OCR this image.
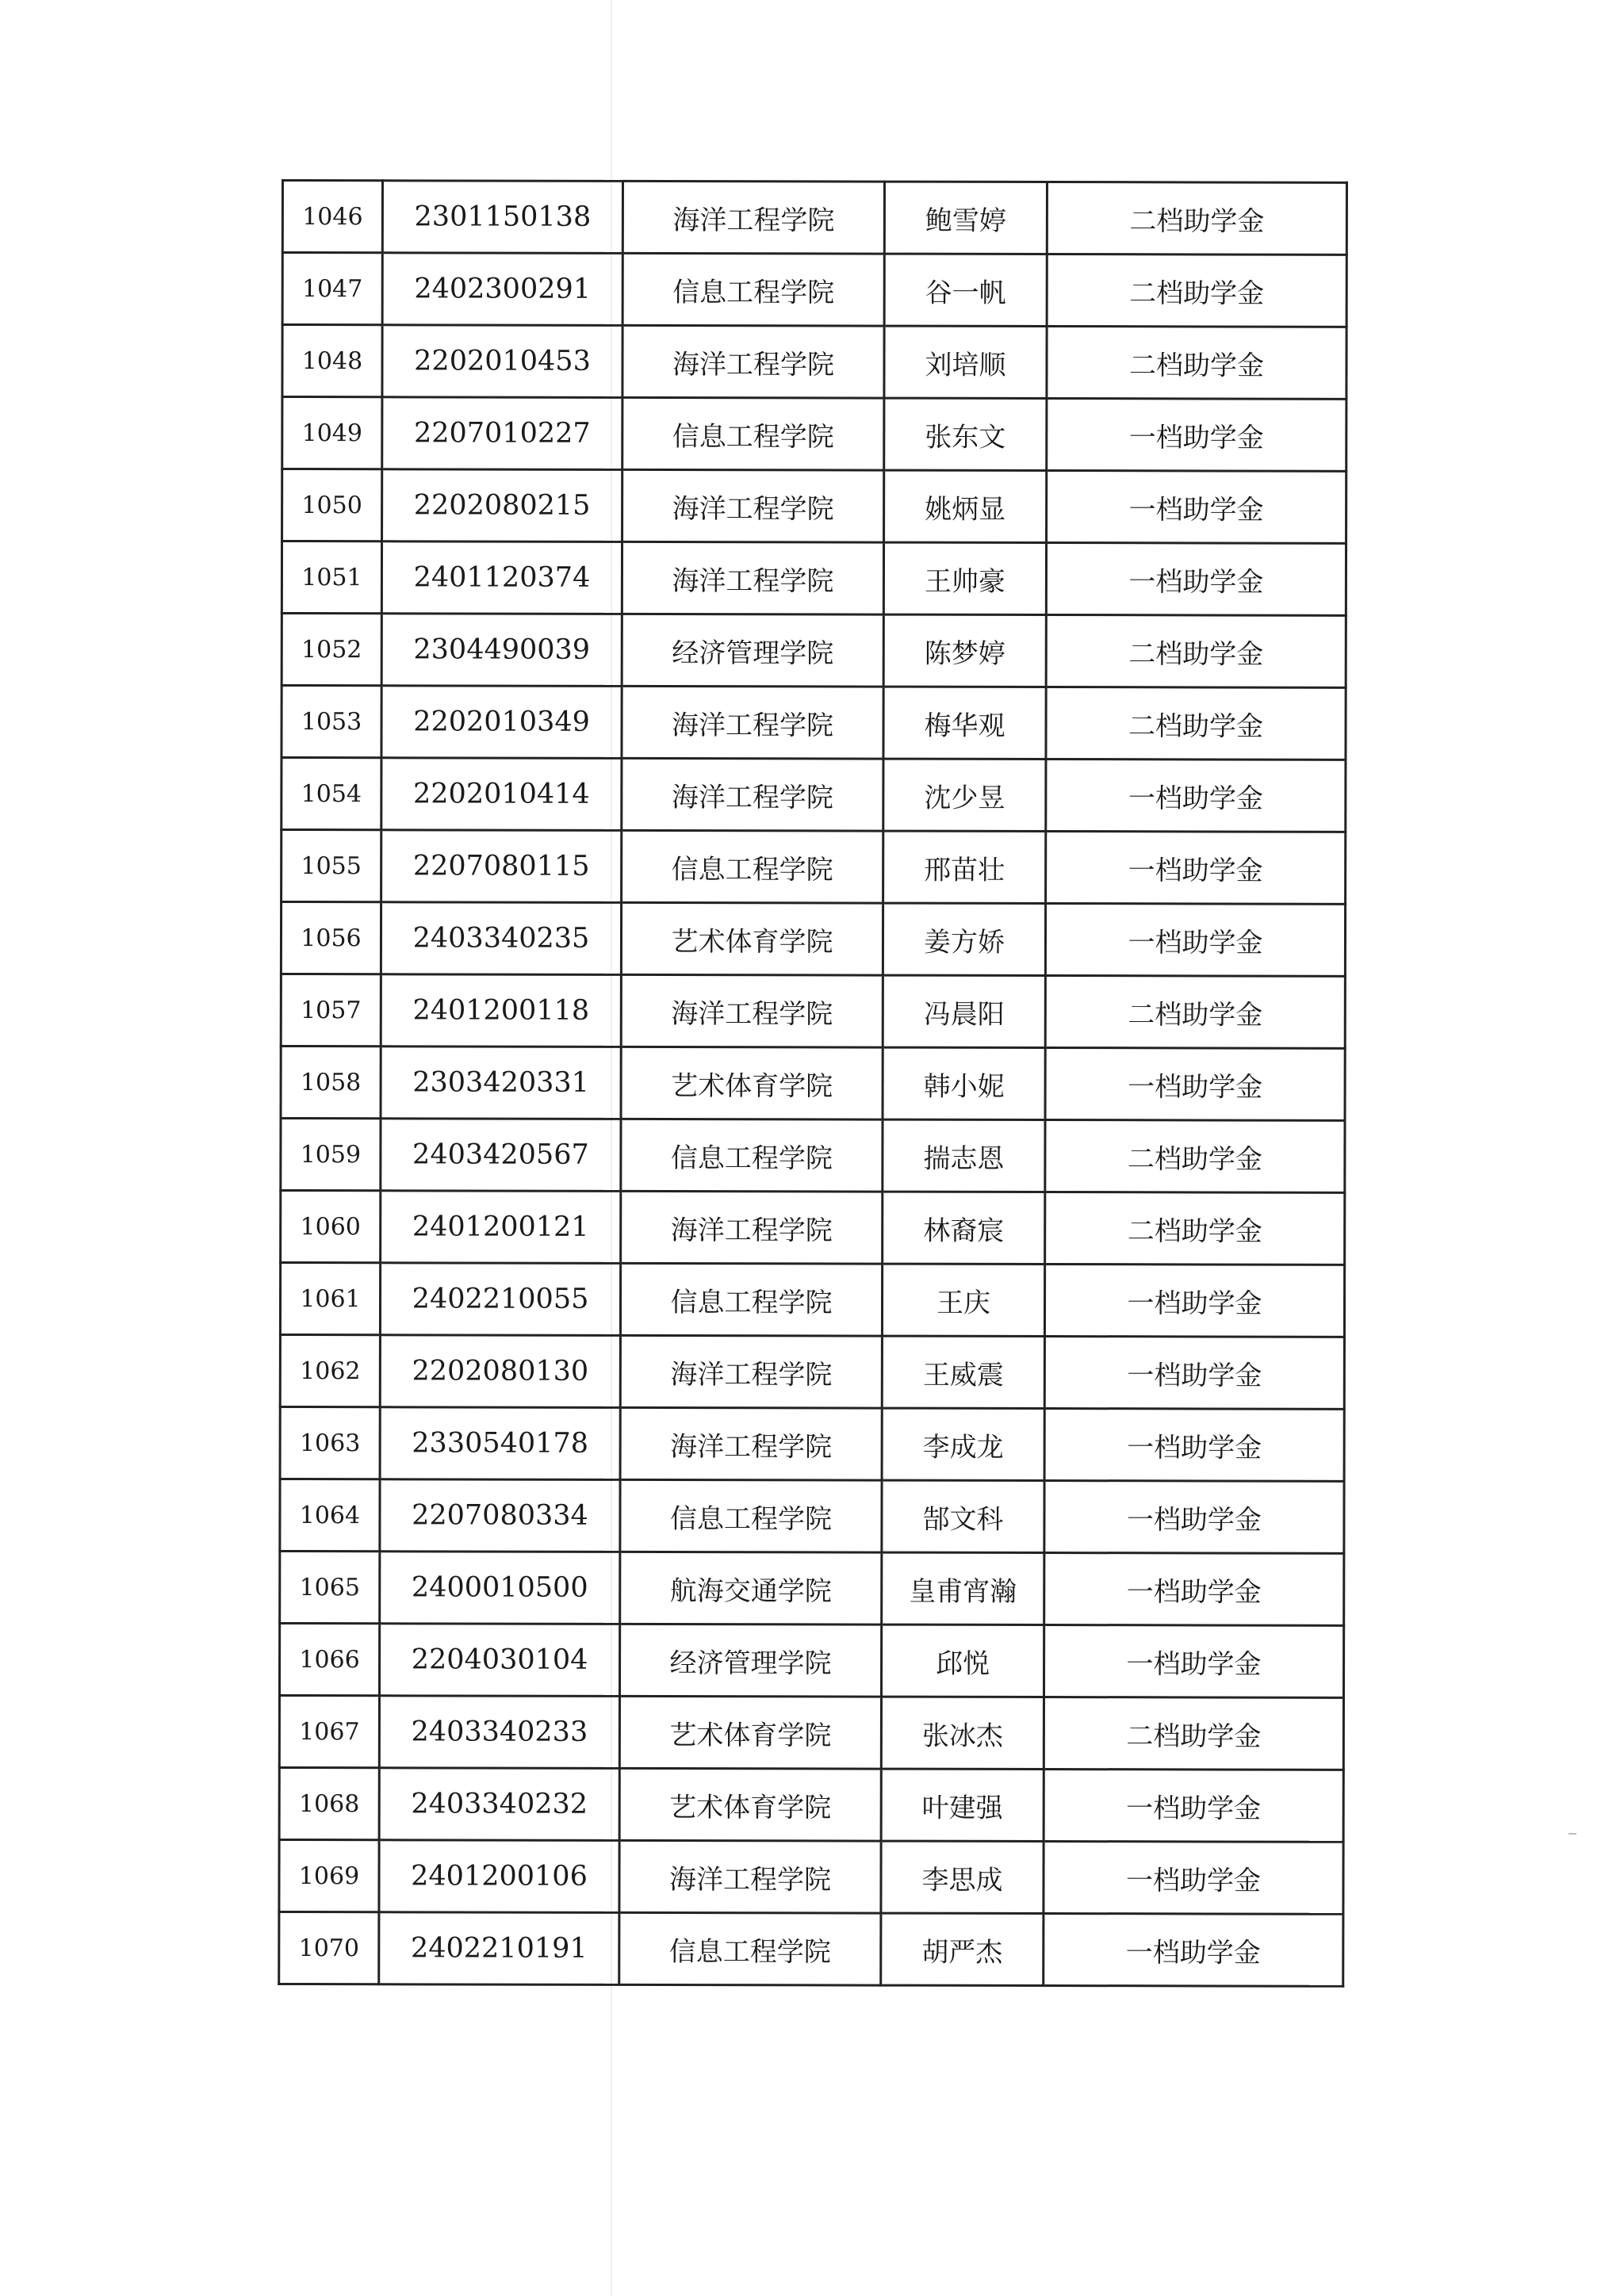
1046	2301150138	海洋工程学院	鲍雪婷	二档助学金
1047	2402300291	信息工程学院	谷一帆	二档助学金
1048	2202010453	海洋工程学院	刘培顺	二档助学金
1049	2207010227	信息工程学院	张东文	一档助学金
1050	2202080215	海洋工程学院	姚炳显	一档助学金
1051	2401120374	海洋工程学院	王帅豪	一档助学金
1052	2304490039	经济管理学院	陈梦婷	二档助学金
1053	2202010349	海洋工程学院	梅华观	二档助学金
1054	2202010414	海洋工程学院	沈少昱	一档助学金
1055	2207080115	信息工程学院	邢苗壮	一档助学金
1056	2403340235	艺术体育学院	姜方娇	一档助学金
1057	2401200118	海洋工程学院	冯晨阳	二档助学金
1058	2303420331	艺术体育学院	韩小妮	一档助学金
1059	2403420567	信息工程学院	揣志恩	二档助学金
1060	2401200121	海洋工程学院	林裔宸	二档助学金
1061	2402210055	信息工程学院	王庆	一档助学金
1062	2202080130	海洋工程学院	王威震	一档助学金
1063	2330540178	海洋工程学院	李成龙	一档助学金
1064	2207080334	信息工程学院	郜文科	一档助学金
1065	2400010500	航海交通学院	皇甫宵瀚	一档助学金
1066	2204030104	经济管理学院	邱悦	一档助学金
1067	2403340233	艺术体育学院	张冰杰	二档助学金
1068	2403340232	艺术体育学院	叶建强	一档助学金
1069	2401200106	海洋工程学院	李思成	一档助学金
1070	2402210191	信息工程学院	胡严杰	一档助学金
